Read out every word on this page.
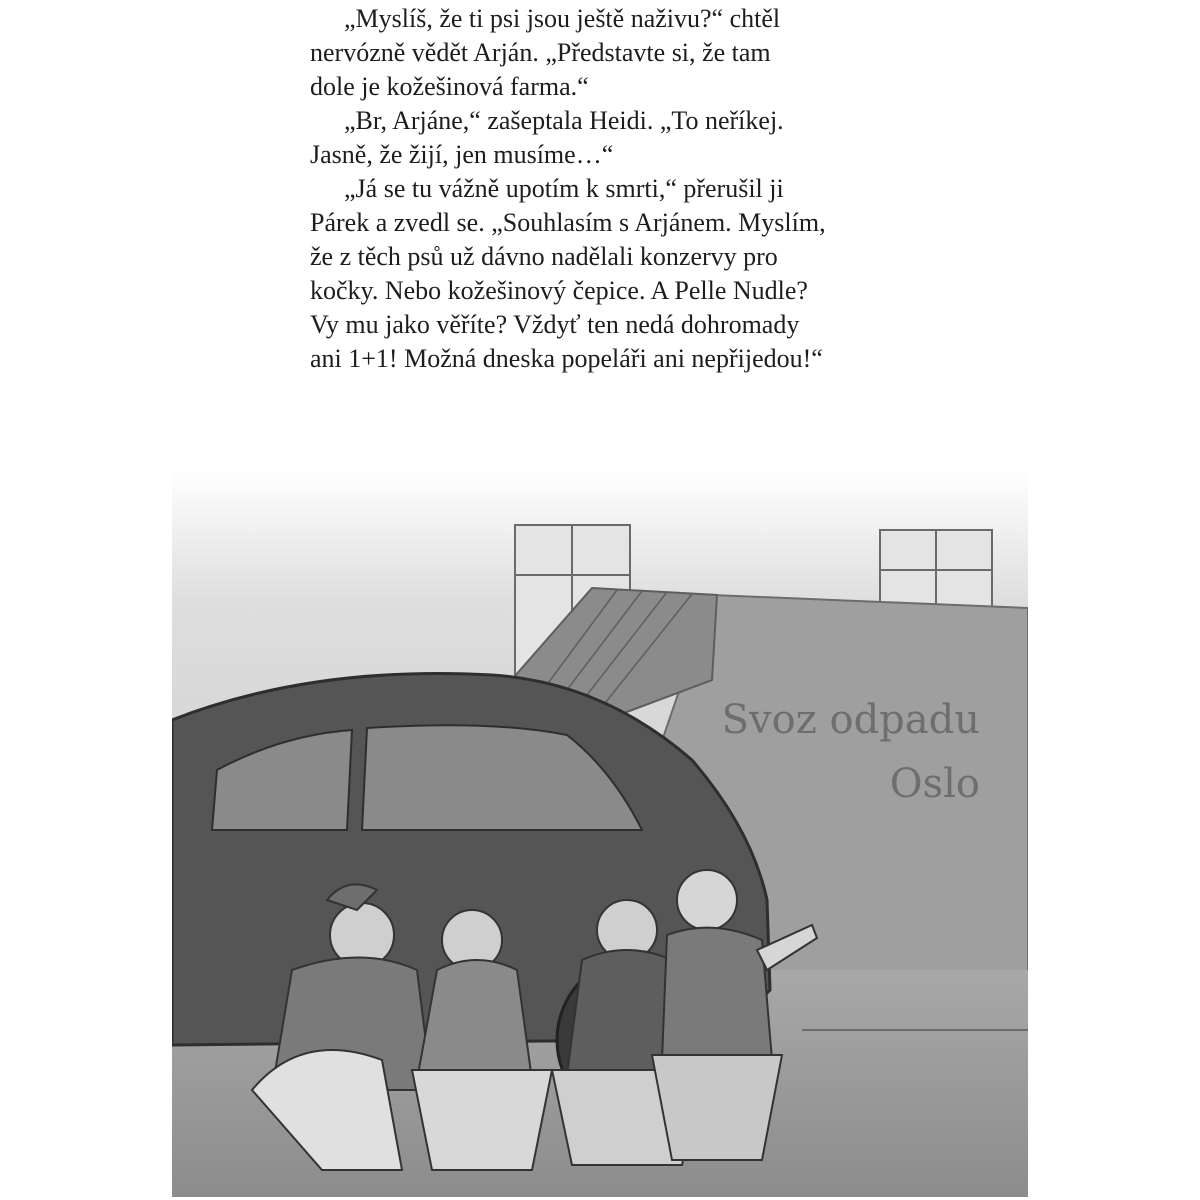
„Myslíš, že ti psi jsou ještě naživu?“ chtěl

nervózně vědět Arján. „Představte si, že tam

dole je kožešinová farma.“

„Br, Arjáne,“ zašeptala Heidi. „To neříkej.

Jasně, že žijí, jen musíme…“

„Já se tu vážně upotím k smrti,“ přerušil ji

Párek a zvedl se. „Souhlasím s Arjánem. Myslím,

že z těch psů už dávno nadělali konzervy pro

kočky. Nebo kožešinový čepice. A Pelle Nudle?

Vy mu jako věříte? Vždyť ten nedá dohromady

ani 1+1! Možná dneska popeláři ani nepřijedou!“

Svoz odpadu
Oslo
